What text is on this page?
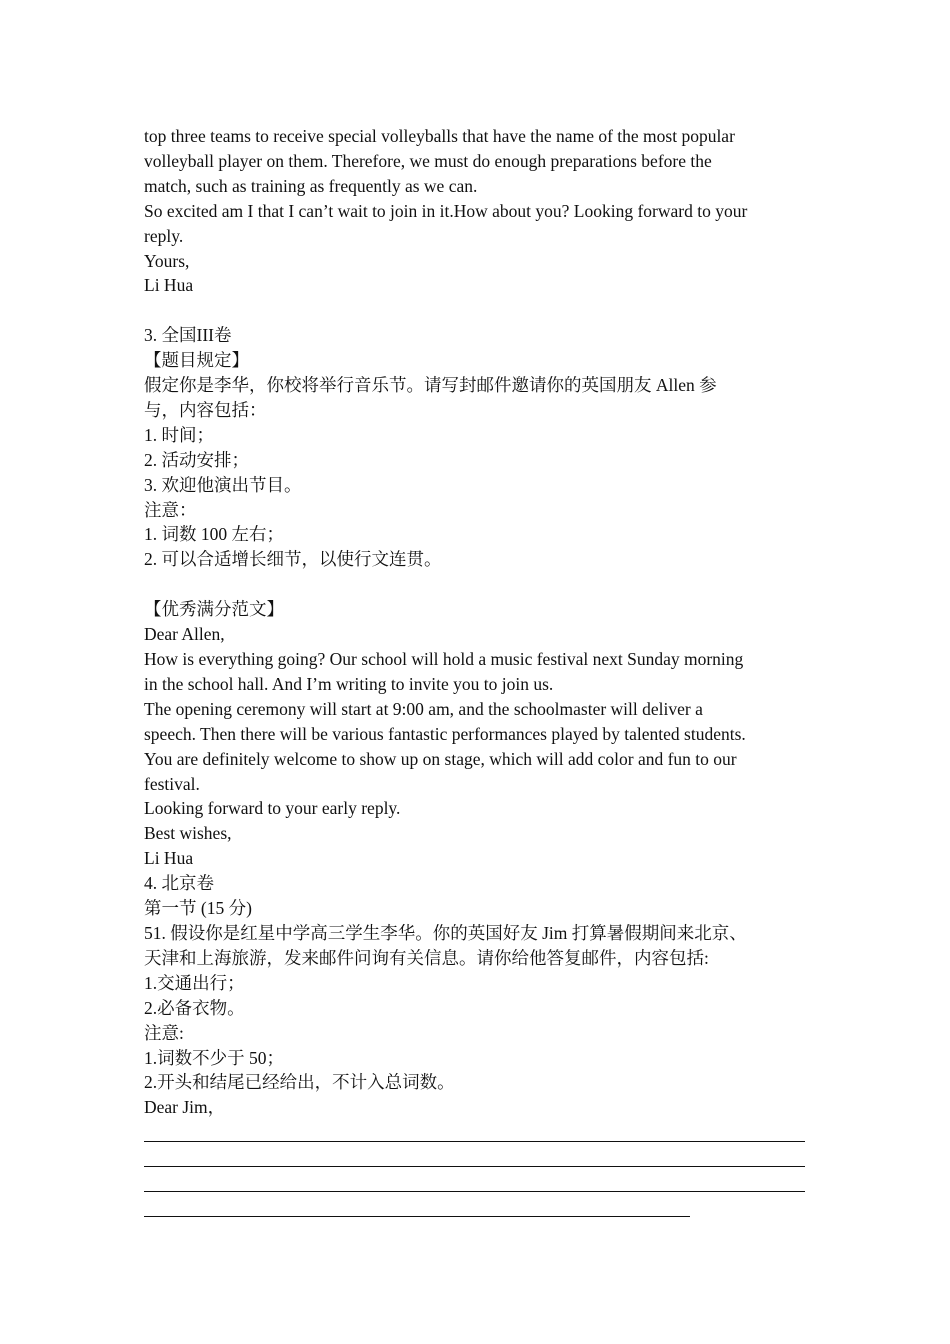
top three teams to receive special volleyballs that have the name of the most popular
volleyball player on them. Therefore, we must do enough preparations before the
match, such as training as frequently as we can.
So excited am I that I can’t wait to join in it.How about you? Looking forward to your
reply.
Yours,
Li Hua
3. 全国III卷
【题目规定】
假定你是李华，你校将举行音乐节。请写封邮件邀请你的英国朋友 Allen 参
与，内容包括：
1. 时间；
2. 活动安排；
3. 欢迎他演出节目。
注意：
1. 词数 100 左右；
2. 可以合适增长细节，以使行文连贯。
【优秀满分范文】
Dear Allen,
How is everything going? Our school will hold a music festival next Sunday morning
in the school hall. And I’m writing to invite you to join us.
The opening ceremony will start at 9:00 am, and the schoolmaster will deliver a
speech. Then there will be various fantastic performances played by talented students.
You are definitely welcome to show up on stage, which will add color and fun to our
festival.
Looking forward to your early reply.
Best wishes,
Li Hua
4. 北京卷
第一节 (15 分)
51. 假设你是红星中学高三学生李华。你的英国好友 Jim 打算暑假期间来北京、
天津和上海旅游，发来邮件问询有关信息。请你给他答复邮件，内容包括:
1.交通出行；
2.必备衣物。
注意:
1.词数不少于 50；
2.开头和结尾已经给出，不计入总词数。
Dear Jim，
